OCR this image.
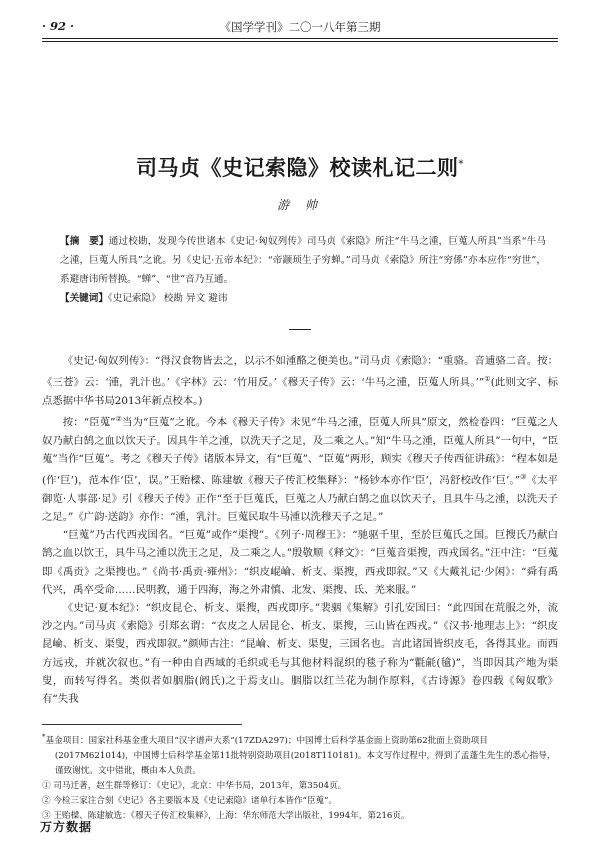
· 92 ·	《国学学刊》二〇一八年第三期
司马贞《史记索隐》校读札记二则*
游 帅

【摘　要】通过校勘，发现今传世诸本《史记·匈奴列传》司马贞《索隐》所注“牛马之湩，巨蒐人所具”当系“牛马之湩，巨蒐人所具”之讹。另《史记·五帝本纪》：“帝颛顼生子穷蝉。”司马贞《索隐》所注“穷係”亦本应作“穷世”，系避唐讳所替换。“蝉”、“世”音乃互通。

【关键词】《史记索隐》 校勘 异文 避讳

《史记·匈奴列传》：“得汉食物皆去之，以示不如湩酪之便美也。”司马贞《索隐》：“重骆。音逋骆二音。按：《三苍》云：‘湩，乳汁也。’《字林》云：‘竹用反。’《穆天子传》云：‘牛马之湩，臣蒐人所具。’”①(此则文字、标点悉据中华书局2013年新点校本。)

按：“臣蒐”②当为“巨蒐”之讹。今本《穆天子传》未见“牛马之湩，臣蒐人所具”原文，然检卷四：“巨蒐之人奴乃献白鹄之血以饮天子。因具牛羊之湩，以洗天子之足，及二乘之人。”知“牛马之湩，臣蒐人所具”一句中，“臣蒐”当作“巨蒐”。考之《穆天子传》诸版本异文，有“巨蒐”、“臣蒐”两形，顾实《穆天子传西征讲疏》：“程本如是(作‘巨’)，范本作‘臣’，误。”王贻樑、陈建敏《穆天子传汇校集释》：“杨钞本亦作‘臣’，冯舒校改作‘巨’。”③《太平御览·人事部·足》引《穆天子传》正作“至于巨蒐氏，巨蒐之人乃献白鹄之血以饮天子，且具牛马之湩，以洗天子之足。”《广韵·送韵》亦作：“湩，乳汁。巨蒐民取牛马湩以洗穆天子之足。”

“巨蒐”乃古代西戎国名。“巨蒐”或作“渠搜”。《列子·周穆王》：“驰驱千里，至於巨蒐氏之国。巨搜氏乃献白鹄之血以饮王，具牛马之湩以洗王之足，及二乘之人。”殷敬顺《释文》：“巨蒐音渠搜，西戎国名。”汪中注：“巨蒐即《禹贡》之渠搜也。”《尚书·禹贡·雍州》：“织皮崐崘、析支、渠搜，西戎即叙。”又《大戴礼记·少闲》：“舜有禹代兴，禹卒受命……民明教，通于四海，海之外肃慎、北发、渠搜、氐、羌来服。”

《史记·夏本纪》：“织皮昆仑、析支、渠搜，西戎即序。”裴骃《集解》引孔安国曰：“此四国在荒服之外，流沙之内。”司马贞《索隐》引郑玄谓：“衣皮之人居昆仑、析支、渠搜，三山皆在西戎。”《汉书·地理志上》：“织皮昆崘、析支、渠叟，西戎即叙。”颜师古注：“昆崘、析支、渠叟，三国名也。言此诸国皆织皮毛，各得其业。而西方远戎，并就次叙也。”有一种由自西域的毛织或毛与其他材料混织的毯子称为“氍毹(毺)”，当即因其产地为渠叟，而转写得名。类似者如胭脂(阏氏)之于焉支山。胭脂以红兰花为制作原料，《古诗源》卷四载《匈奴歌》有“失我

*基金项目：国家社科基金重大项目“汉字谱声大系”(17ZDA297)；中国博士后科学基金面上资助第62批面上资助项目(2017M621014)，中国博士后科学基金第11批特别资助项目(2018T110181)。本文写作过程中，得到了孟蓬生先生的悉心指导，谨致谢忱。文中错讹，概由本人负责。

① 司马迁著，赵生群等修订：《史记》，北京：中华书局，2013年，第3504页。

② 今检三家注合刻《史记》各主要版本及《史记索隐》诸单行本皆作“臣蒐”。

③ 王贻樑、陈建敏选：《穆天子传汇校集释》，上海：华东师范大学出版社，1994年，第216页。

万方数据
